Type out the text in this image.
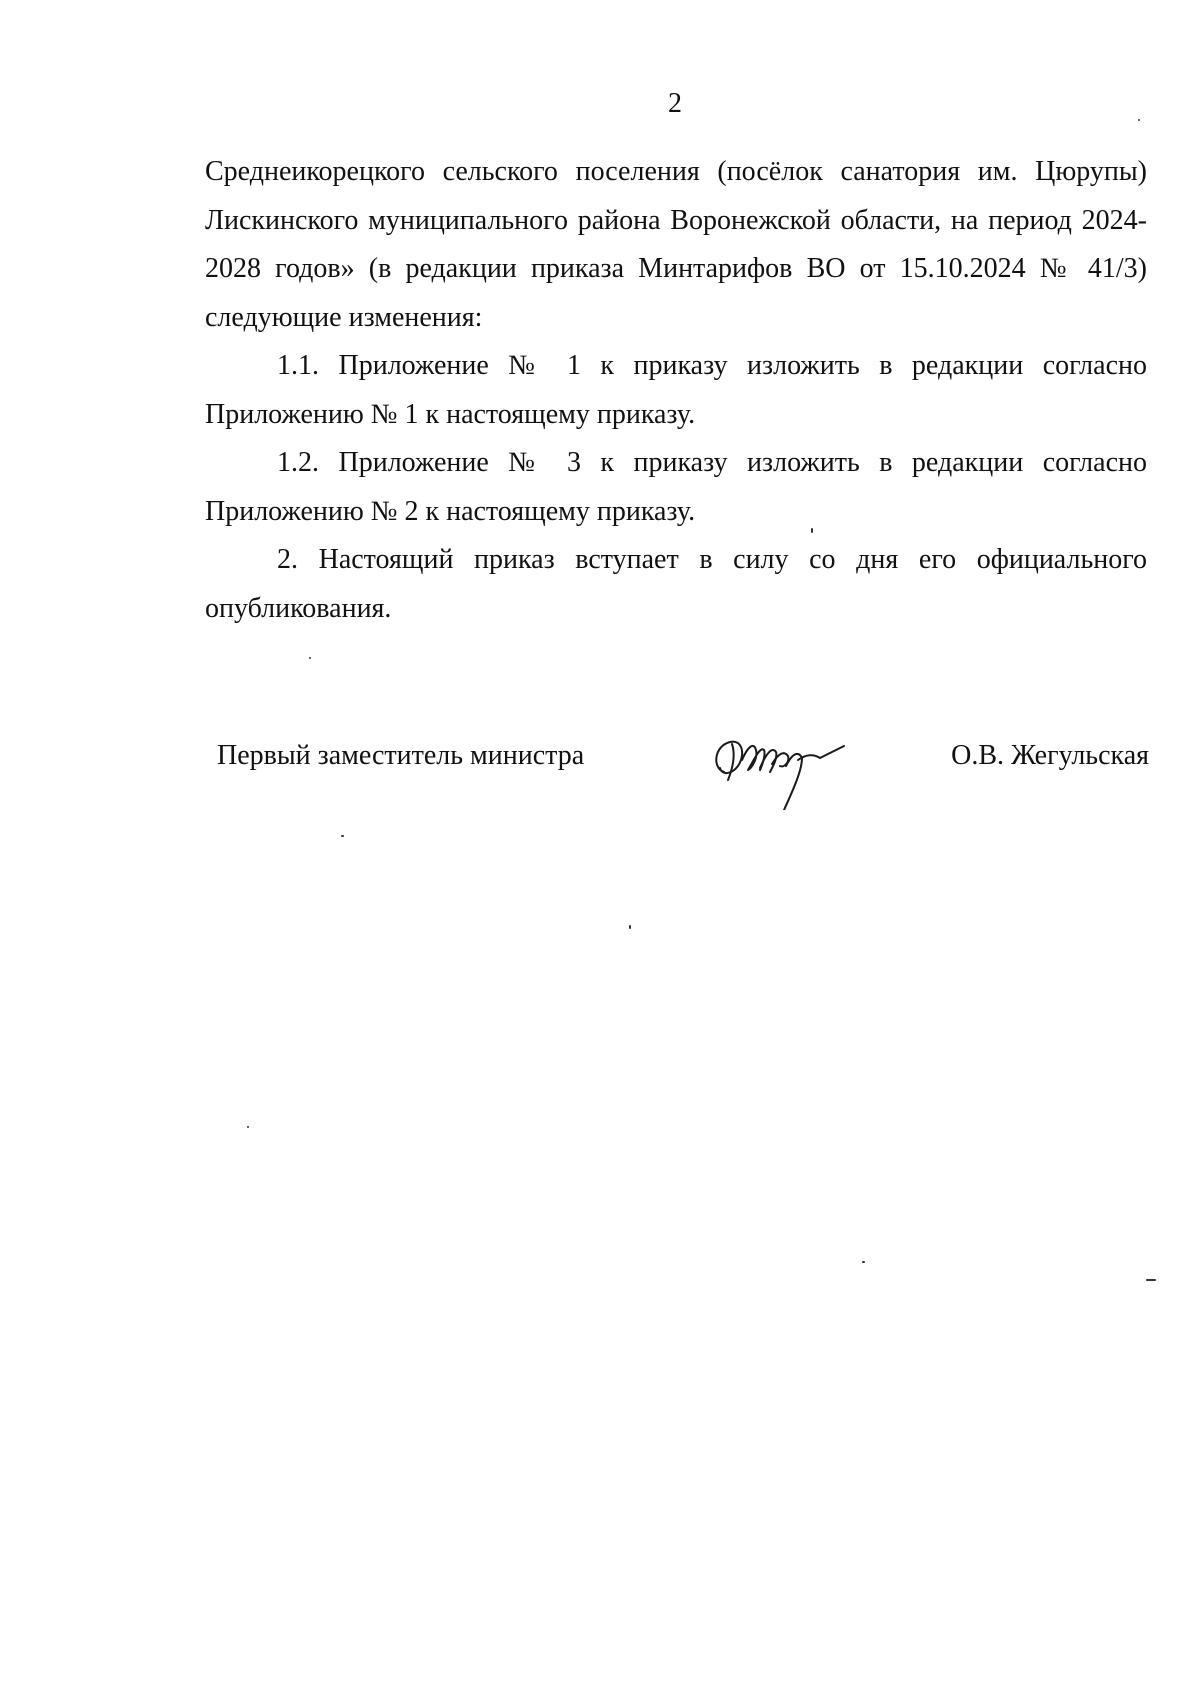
2

Среднеикорецкого сельского поселения (посёлок санатория им. Цюрупы) Лискинского муниципального района Воронежской области, на период 2024-2028 годов» (в редакции приказа Минтарифов ВО от 15.10.2024 № 41/3) следующие изменения:

1.1. Приложение № 1 к приказу изложить в редакции согласно Приложению № 1 к настоящему приказу.

1.2. Приложение № 3 к приказу изложить в редакции согласно Приложению № 2 к настоящему приказу.

2. Настоящий приказ вступает в силу со дня его официального опубликования.

Первый заместитель министра	О.В. Жегульская
